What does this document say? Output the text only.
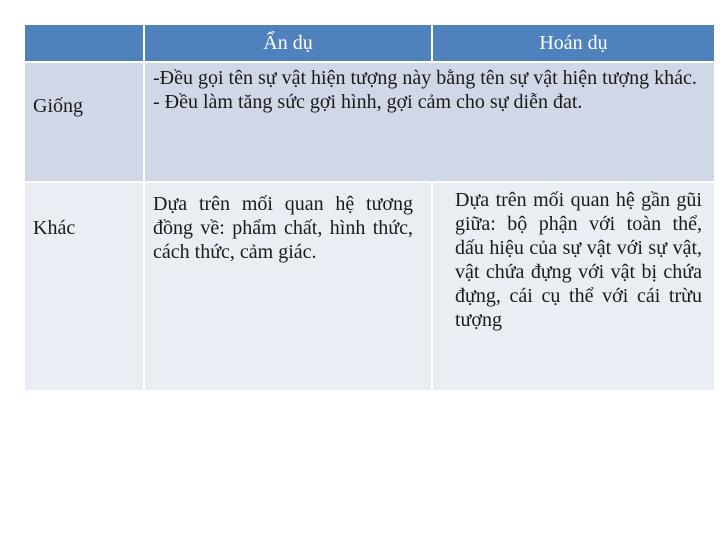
Ẩn dụ	Hoán dụ
Giống

-Đều gọi tên sự vật hiện tượng này bằng tên sự vật hiện tượng khác.

- Đều làm tăng sức gợi hình, gợi cảm cho sự diễn đat.

Khác

Dựa trên mối quan hệ tương đồng về: phẩm chất, hình thức, cách thức, cảm giác.

Dựa trên mối quan hệ gần gũi giữa: bộ phận với toàn thể, dấu hiệu của sự vật với sự vật, vật chứa đựng với vật bị chứa đựng, cái cụ thể với cái trừu tượng
